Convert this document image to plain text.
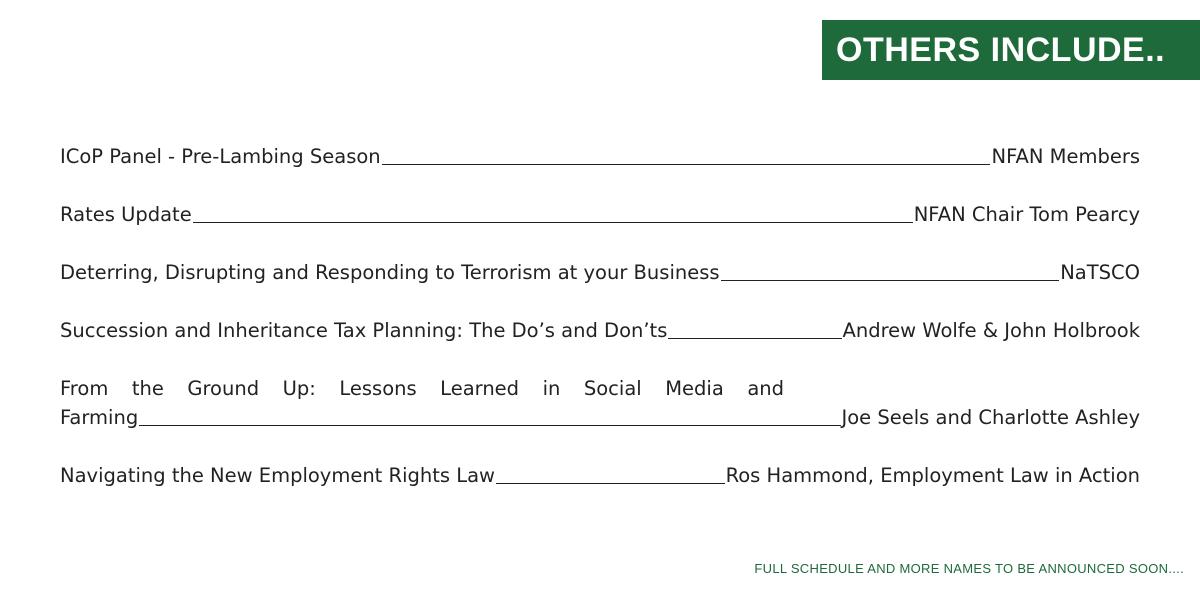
OTHERS INCLUDE..
ICoP Panel - Pre-Lambing Season	NFAN Members
Rates Update	NFAN Chair Tom Pearcy
Deterring, Disrupting and Responding to Terrorism at your Business	NaTSCO
Succession and Inheritance Tax Planning: The Do’s and Don’ts	Andrew Wolfe & John Holbrook
From the Ground Up: Lessons Learned in Social Media and
Farming	Joe Seels and Charlotte Ashley
Navigating the New Employment Rights Law	Ros Hammond, Employment Law in Action
FULL SCHEDULE AND MORE NAMES TO BE ANNOUNCED SOON....
